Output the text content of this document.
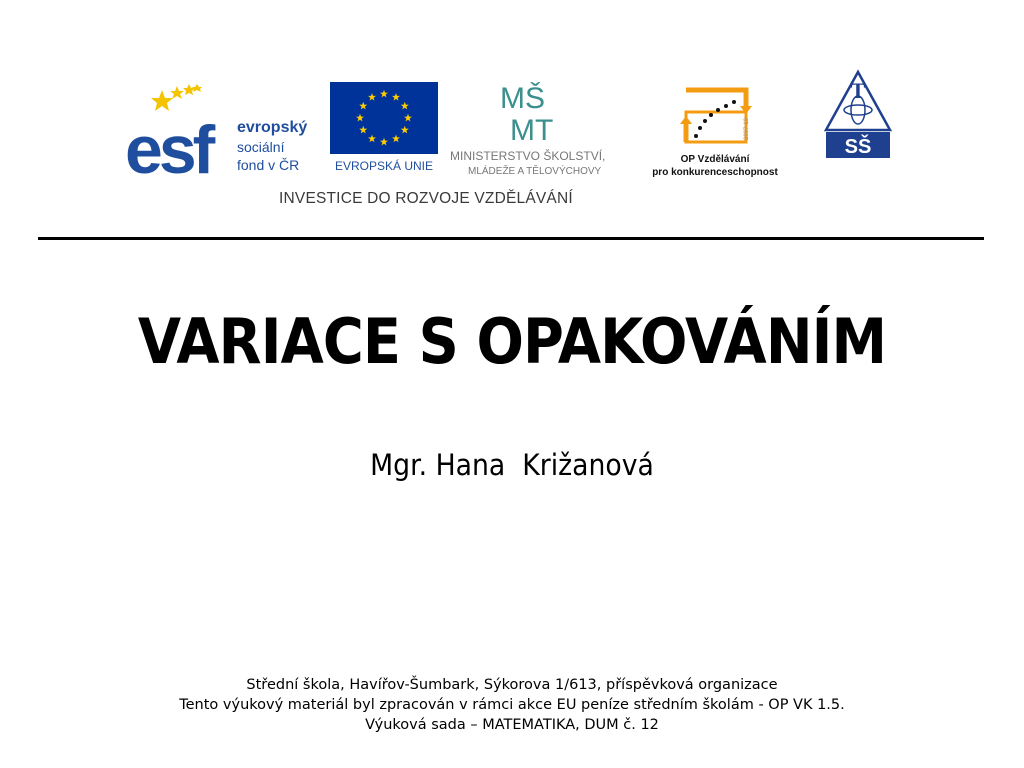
esf evropský
sociální
fond v ČR	EVROPSKÁ UNIE
MŠ
MT
MINISTERSTVO ŠKOLSTVÍ,
MLÁDEŽE A TĚLOVÝCHOVY
2007-13
OP Vzdělávání
pro konkurenceschopnost
T
SŠ
INVESTICE DO ROZVOJE VZDĚLÁVÁNÍ
VARIACE S OPAKOVÁNÍM
Mgr. Hana  Križanová
Střední škola, Havířov-Šumbark, Sýkorova 1/613, příspěvková organizace
Tento výukový materiál byl zpracován v rámci akce EU peníze středním školám - OP VK 1.5.
Výuková sada – MATEMATIKA, DUM č. 12
